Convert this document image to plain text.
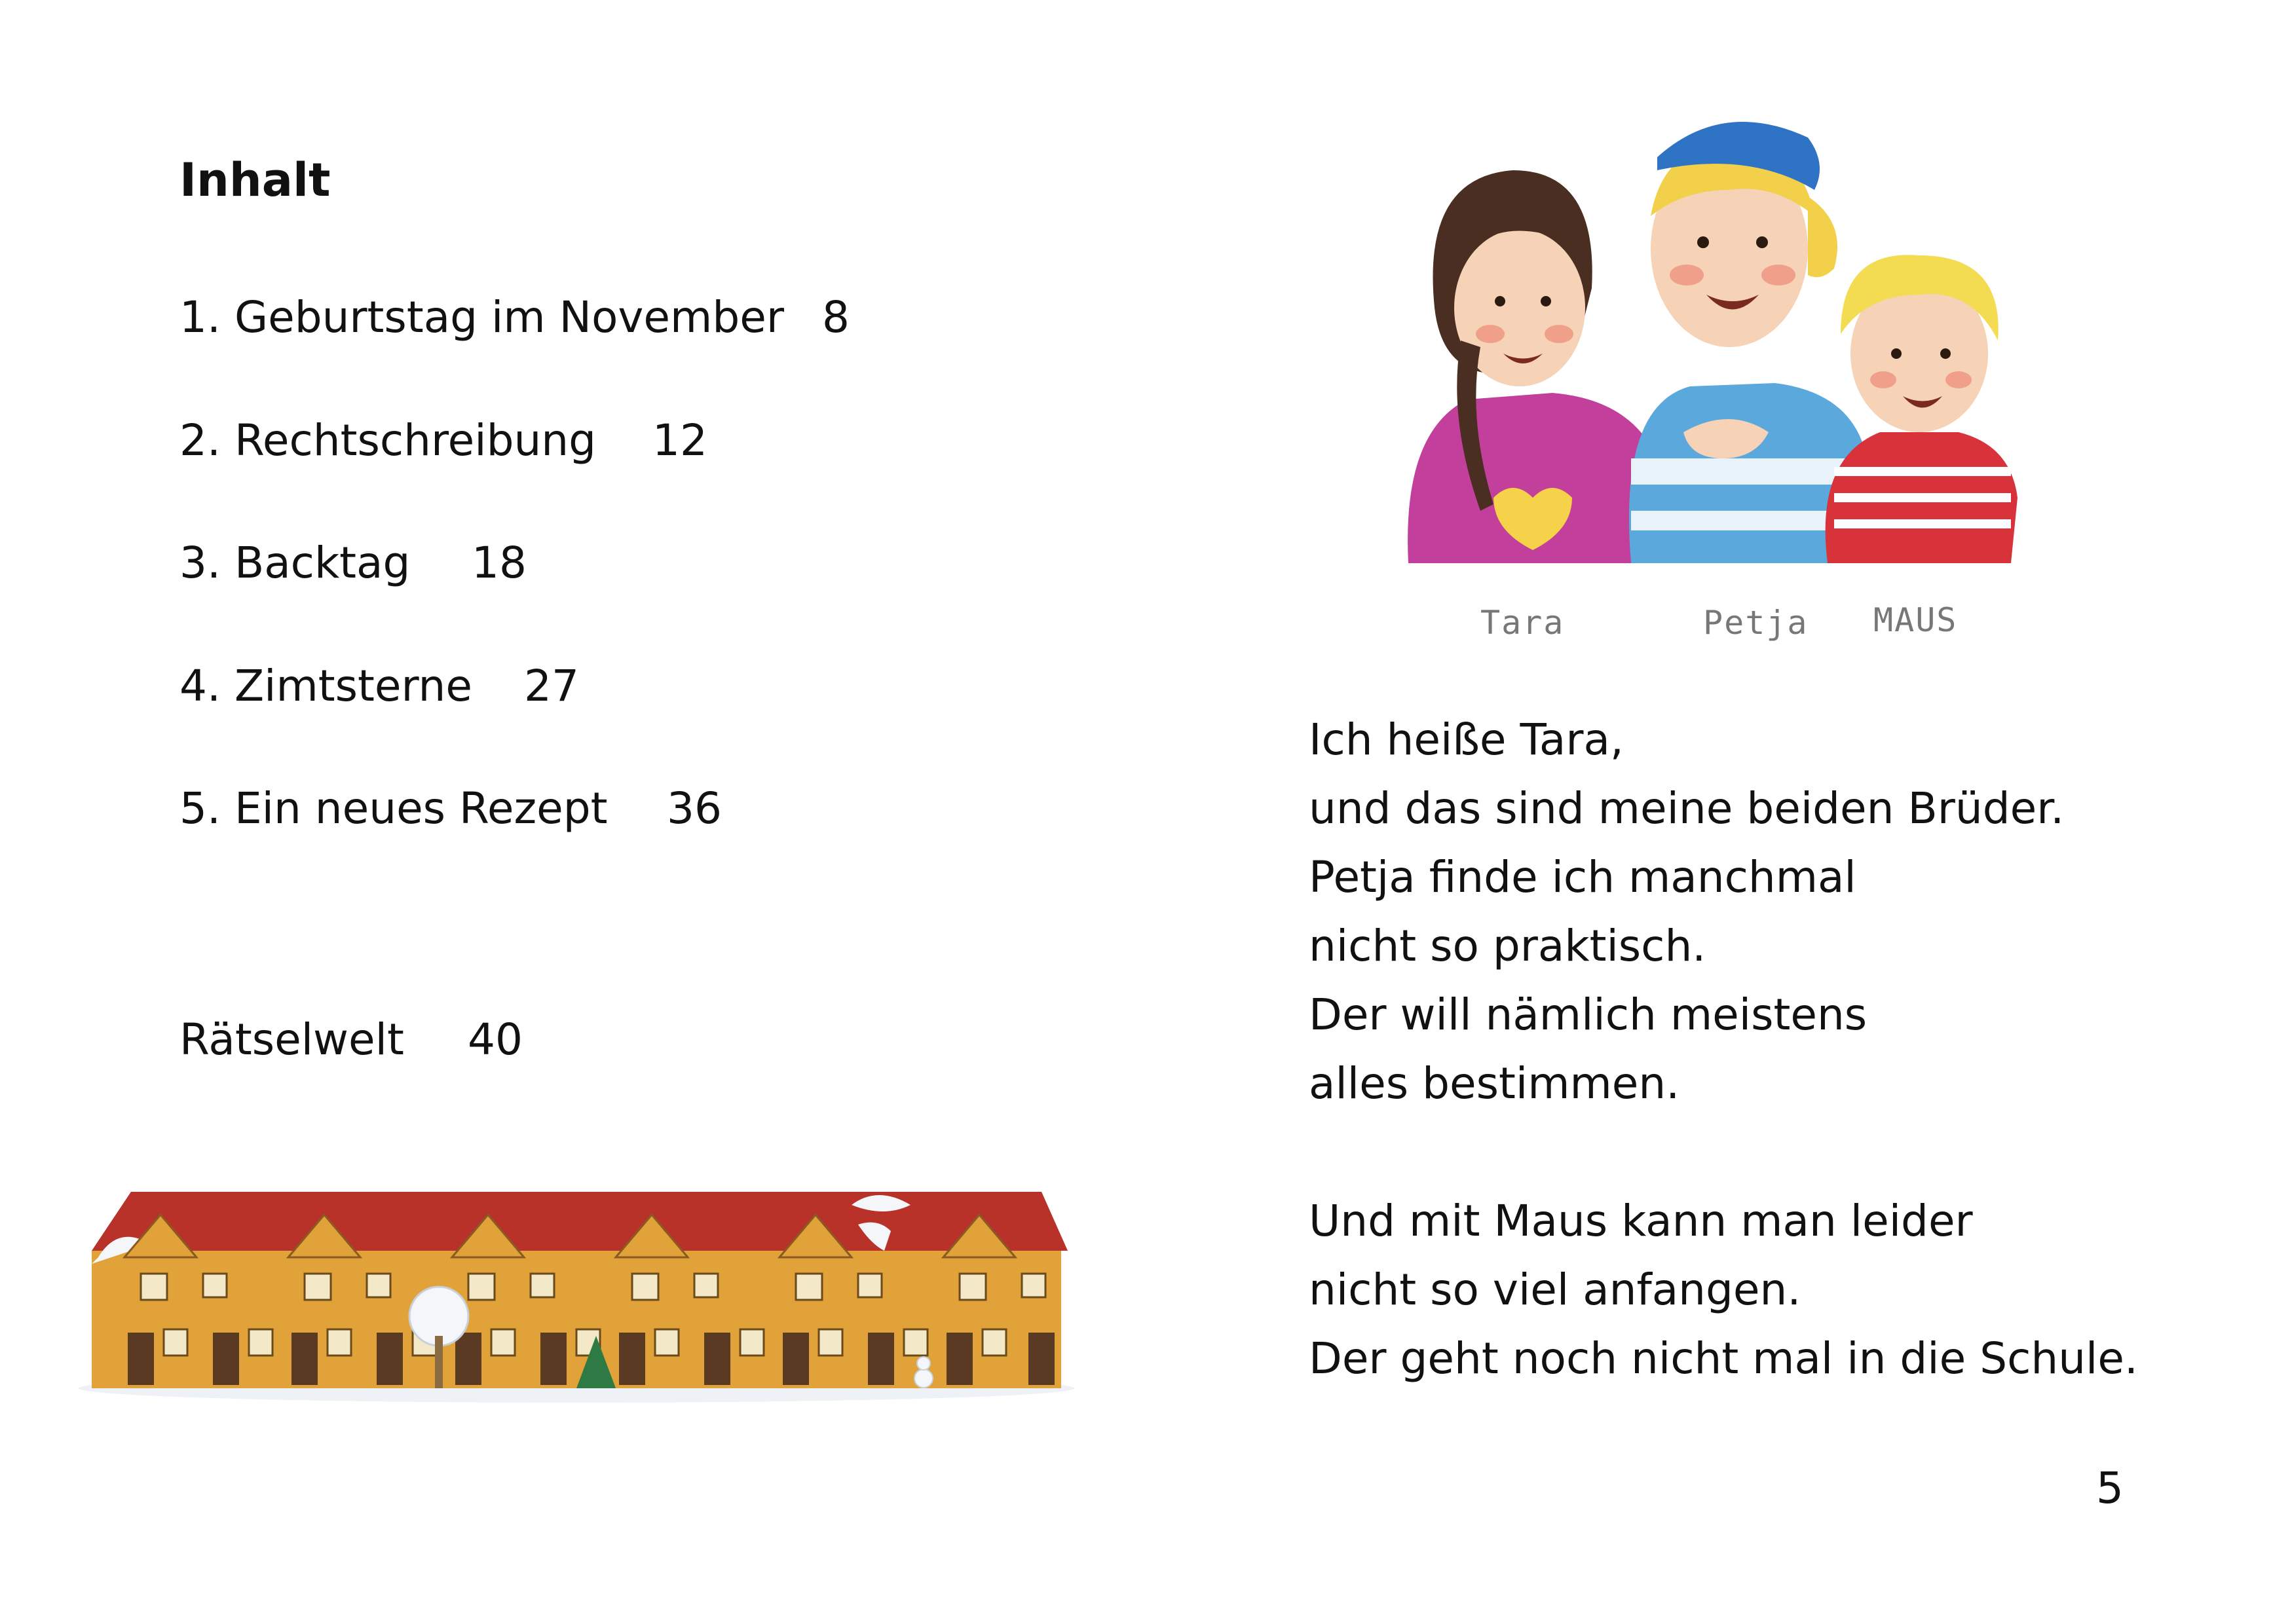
Inhalt
1. Geburtstag im November 8
2. Rechtschreibung 12
3. Backtag 18
4. Zimtsterne 27
5. Ein neues Rezept 36
Rätselwelt 40
Tara	Petja MAUS
Ich heiße Tara,
und das sind meine beiden Brüder.
Petja finde ich manchmal
nicht so praktisch.
Der will nämlich meistens
alles bestimmen.
Und mit Maus kann man leider
nicht so viel anfangen.
Der geht noch nicht mal in die Schule.
5
